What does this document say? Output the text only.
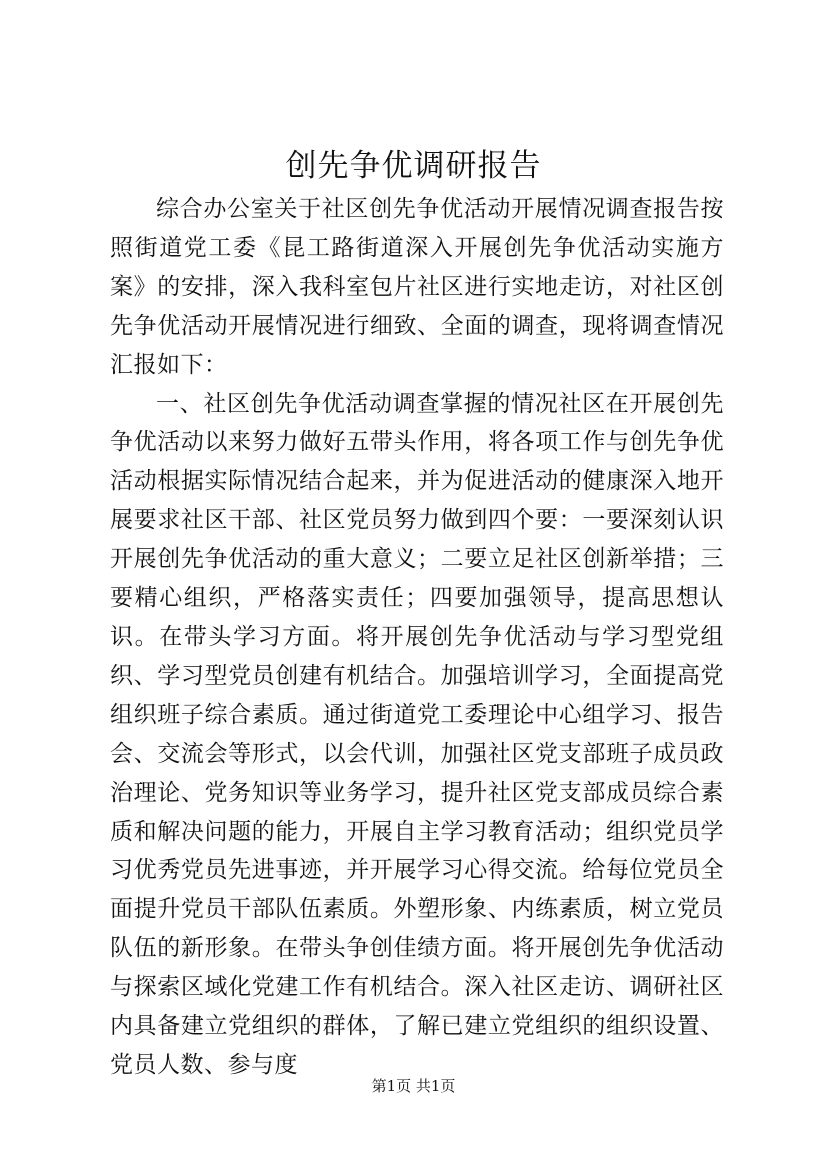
创先争优调研报告

综合办公室关于社区创先争优活动开展情况调查报告按照街道党工委《昆工路街道深入开展创先争优活动实施方案》的安排，深入我科室包片社区进行实地走访，对社区创先争优活动开展情况进行细致、全面的调查，现将调查情况汇报如下：

一、社区创先争优活动调查掌握的情况社区在开展创先争优活动以来努力做好五带头作用，将各项工作与创先争优活动根据实际情况结合起来，并为促进活动的健康深入地开展要求社区干部、社区党员努力做到四个要：一要深刻认识开展创先争优活动的重大意义；二要立足社区创新举措；三要精心组织，严格落实责任；四要加强领导，提高思想认识。在带头学习方面。将开展创先争优活动与学习型党组织、学习型党员创建有机结合。加强培训学习，全面提高党组织班子综合素质。通过街道党工委理论中心组学习、报告会、交流会等形式，以会代训，加强社区党支部班子成员政治理论、党务知识等业务学习，提升社区党支部成员综合素质和解决问题的能力，开展自主学习教育活动；组织党员学习优秀党员先进事迹，并开展学习心得交流。给每位党员全面提升党员干部队伍素质。外塑形象、内练素质，树立党员队伍的新形象。在带头争创佳绩方面。将开展创先争优活动与探索区域化党建工作有机结合。深入社区走访、调研社区内具备建立党组织的群体，了解已建立党组织的组织设置、党员人数、参与度

第1页 共1页
